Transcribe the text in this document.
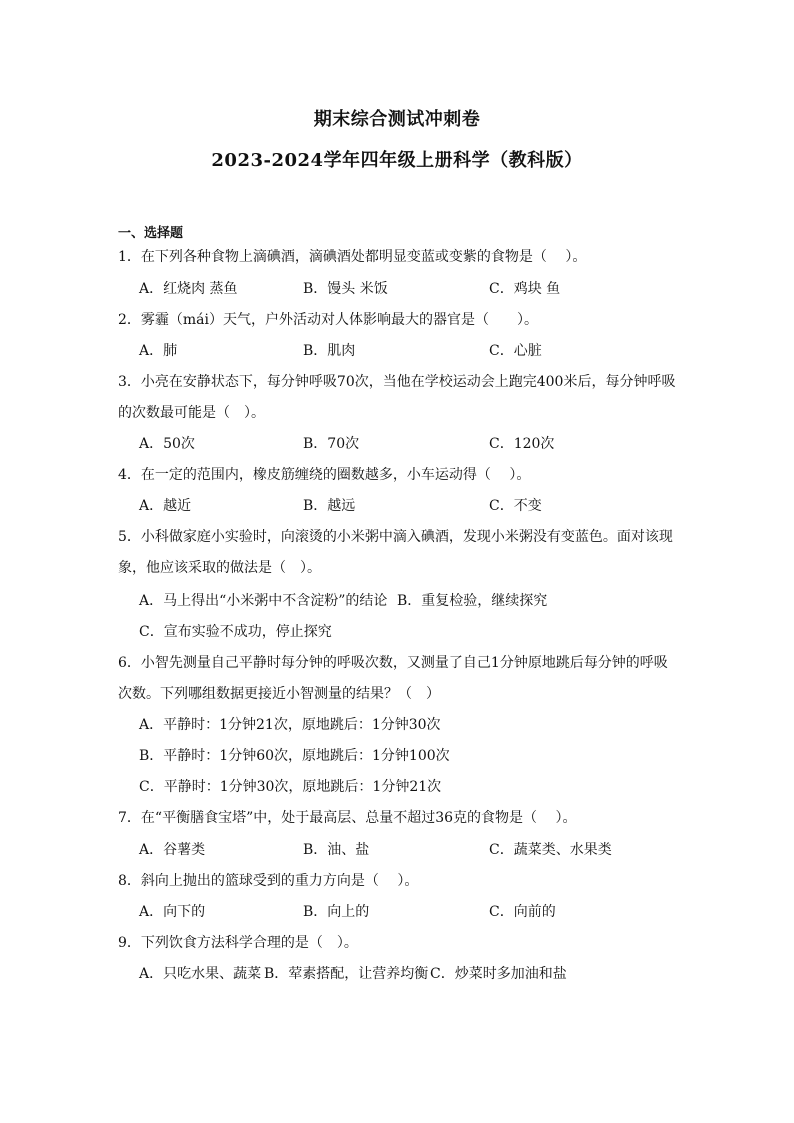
期末综合测试冲刺卷
2023-2024学年四年级上册科学（教科版）
一、选择题
1．在下列各种食物上滴碘酒，滴碘酒处都明显变蓝或变紫的食物是（　 ）。
A．红烧肉 蒸鱼	B．馒头 米饭	C．鸡块 鱼
2．雾霾（mái）天气，户外活动对人体影响最大的器官是（　　）。
A．肺	B．肌肉	C．心脏
3．小亮在安静状态下，每分钟呼吸70次，当他在学校运动会上跑完400米后，每分钟呼吸
的次数最可能是（　）。
A．50次	B．70次	C．120次
4．在一定的范围内，橡皮筋缠绕的圈数越多，小车运动得（　 ）。
A．越近	B．越远	C．不变
5．小科做家庭小实验时，向滚烫的小米粥中滴入碘酒，发现小米粥没有变蓝色。面对该现
象，他应该采取的做法是（　）。
A．马上得出“小米粥中不含淀粉”的结论 B．重复检验，继续探究
C．宣布实验不成功，停止探究
6．小智先测量自己平静时每分钟的呼吸次数，又测量了自己1分钟原地跳后每分钟的呼吸
次数。下列哪组数据更接近小智测量的结果？（　）
A．平静时：1分钟21次，原地跳后：1分钟30次
B．平静时：1分钟60次，原地跳后：1分钟100次
C．平静时：1分钟30次，原地跳后：1分钟21次
7．在“平衡膳食宝塔”中，处于最高层、总量不超过36克的食物是（　 ）。
A．谷薯类	B．油、盐	C．蔬菜类、水果类
8．斜向上抛出的篮球受到的重力方向是（　 ）。
A．向下的	B．向上的	C．向前的
9．下列饮食方法科学合理的是（　）。
A．只吃水果、蔬菜 B．荤素搭配，让营养均衡 C．炒菜时多加油和盐
